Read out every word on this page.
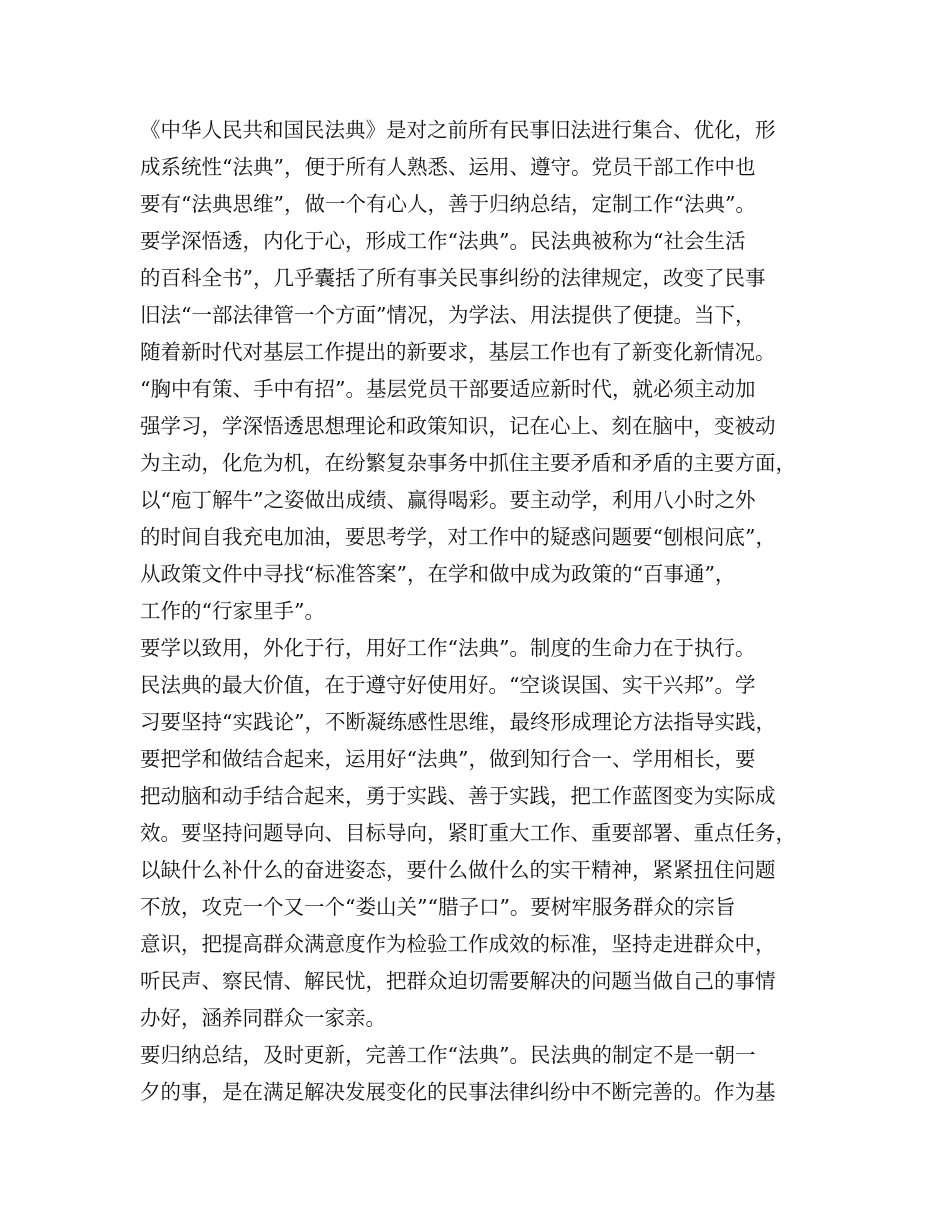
《中华人民共和国民法典》是对之前所有民事旧法进行集合、优化，形
成系统性“法典”，便于所有人熟悉、运用、遵守。党员干部工作中也
要有“法典思维”，做一个有心人，善于归纳总结，定制工作“法典”。
要学深悟透，内化于心，形成工作“法典”。民法典被称为“社会生活
的百科全书”，几乎囊括了所有事关民事纠纷的法律规定，改变了民事
旧法“一部法律管一个方面”情况，为学法、用法提供了便捷。当下，
随着新时代对基层工作提出的新要求，基层工作也有了新变化新情况。
“胸中有策、手中有招”。基层党员干部要适应新时代，就必须主动加
强学习，学深悟透思想理论和政策知识，记在心上、刻在脑中，变被动
为主动，化危为机，在纷繁复杂事务中抓住主要矛盾和矛盾的主要方面，
以“庖丁解牛”之姿做出成绩、赢得喝彩。要主动学，利用八小时之外
的时间自我充电加油，要思考学，对工作中的疑惑问题要“刨根问底”，
从政策文件中寻找“标准答案”，在学和做中成为政策的“百事通”，
工作的“行家里手”。
要学以致用，外化于行，用好工作“法典”。制度的生命力在于执行。
民法典的最大价值，在于遵守好使用好。“空谈误国、实干兴邦”。学
习要坚持“实践论”，不断凝练感性思维，最终形成理论方法指导实践，
要把学和做结合起来，运用好“法典”，做到知行合一、学用相长，要
把动脑和动手结合起来，勇于实践、善于实践，把工作蓝图变为实际成
效。要坚持问题导向、目标导向，紧盯重大工作、重要部署、重点任务，
以缺什么补什么的奋进姿态，要什么做什么的实干精神，紧紧扭住问题
不放，攻克一个又一个“娄山关”“腊子口”。要树牢服务群众的宗旨
意识，把提高群众满意度作为检验工作成效的标准，坚持走进群众中，
听民声、察民情、解民忧，把群众迫切需要解决的问题当做自己的事情
办好，涵养同群众一家亲。
要归纳总结，及时更新，完善工作“法典”。民法典的制定不是一朝一
夕的事，是在满足解决发展变化的民事法律纠纷中不断完善的。作为基
